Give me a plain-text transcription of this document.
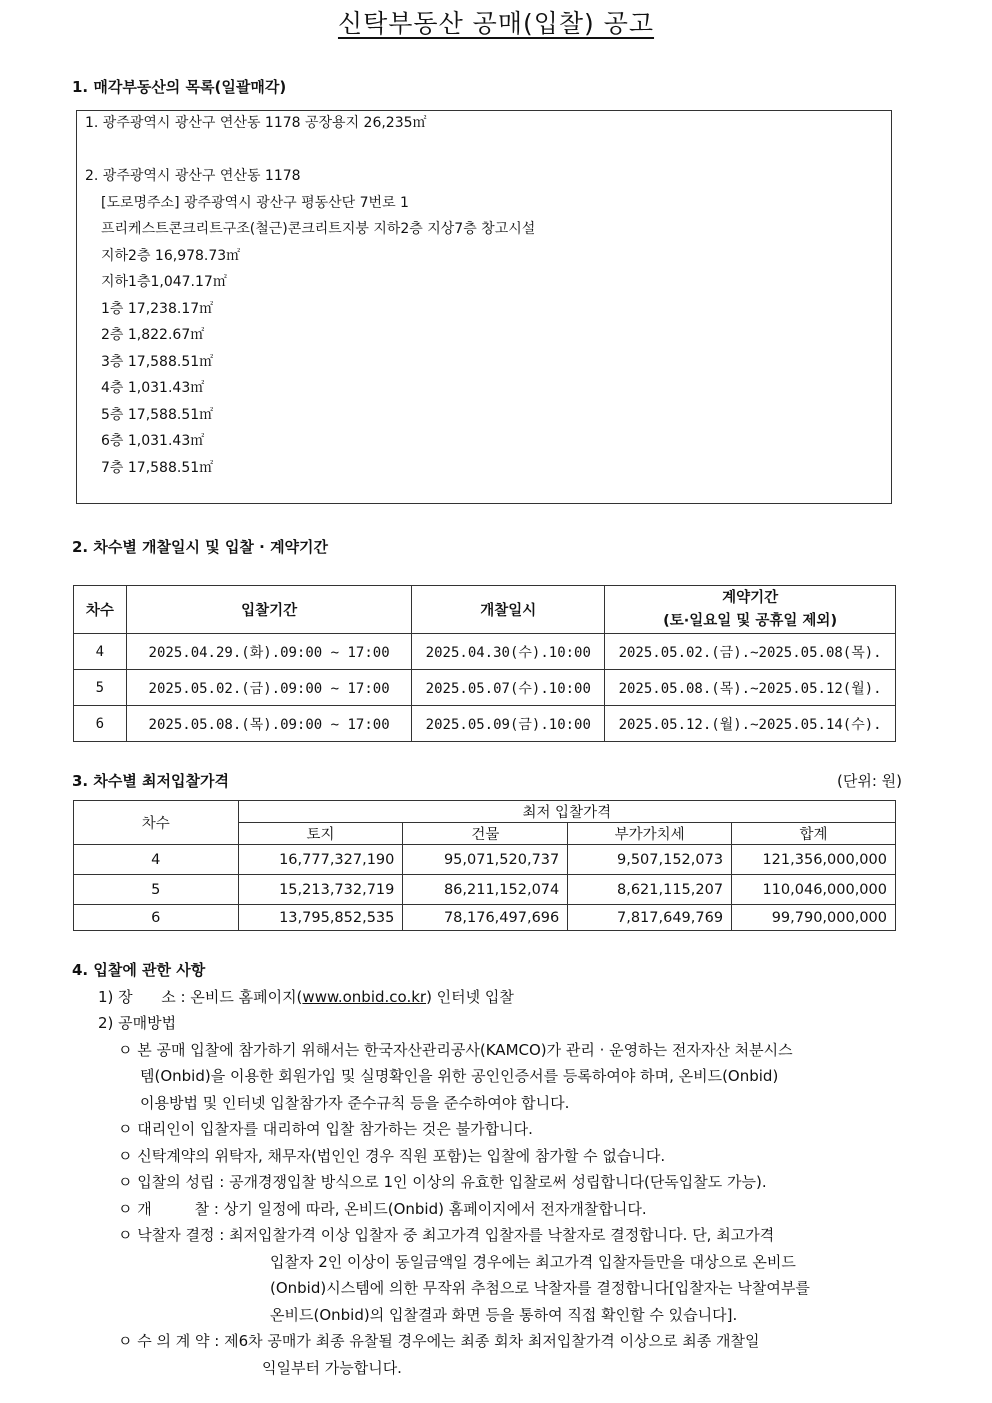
신탁부동산 공매(입찰) 공고
1. 매각부동산의 목록(일괄매각)
1. 광주광역시 광산구 연산동 1178 공장용지 26,235㎡
2. 광주광역시 광산구 연산동 1178
[도로명주소] 광주광역시 광산구 평동산단 7번로 1
프리케스트콘크리트구조(철근)콘크리트지붕 지하2층 지상7층 창고시설
지하2층 16,978.73㎡
지하1층1,047.17㎡
1층 17,238.17㎡
2층 1,822.67㎡
3층 17,588.51㎡
4층 1,031.43㎡
5층 17,588.51㎡
6층 1,031.43㎡
7층 17,588.51㎡
2. 차수별 개찰일시 및 입찰 · 계약기간
차수	입찰기간	개찰일시	계약기간
(토·일요일 및 공휴일 제외)

4	2025.04.29.(화).09:00 ~ 17:00	2025.04.30(수).10:00	2025.05.02.(금).~2025.05.08(목).
5	2025.05.02.(금).09:00 ~ 17:00	2025.05.07(수).10:00	2025.05.08.(목).~2025.05.12(월).
6	2025.05.08.(목).09:00 ~ 17:00	2025.05.09(금).10:00	2025.05.12.(월).~2025.05.14(수).
3. 차수별 최저입찰가격	(단위: 원)
차수	최저 입찰가격			
	토지	건물	부가가치세	합계
4	16,777,327,190	95,071,520,737	9,507,152,073	121,356,000,000
5	15,213,732,719	86,211,152,074	8,621,115,207	110,046,000,000
6	13,795,852,535	78,176,497,696	7,817,649,769	99,790,000,000
4. 입찰에 관한 사항
1) 장      소 : 온비드 홈페이지(www.onbid.co.kr) 인터넷 입찰
2) 공매방법
ㅇ 본 공매 입찰에 참가하기 위해서는 한국자산관리공사(KAMCO)가 관리 · 운영하는 전자자산 처분시스
템(Onbid)을 이용한 회원가입 및 실명확인을 위한 공인인증서를 등록하여야 하며, 온비드(Onbid)
이용방법 및 인터넷 입찰참가자 준수규칙 등을 준수하여야 합니다.
ㅇ 대리인이 입찰자를 대리하여 입찰 참가하는 것은 불가합니다.
ㅇ 신탁계약의 위탁자, 채무자(법인인 경우 직원 포함)는 입찰에 참가할 수 없습니다.
ㅇ 입찰의 성립 : 공개경쟁입찰 방식으로 1인 이상의 유효한 입찰로써 성립합니다(단독입찰도 가능).
ㅇ 개         찰 : 상기 일정에 따라, 온비드(Onbid) 홈페이지에서 전자개찰합니다.
ㅇ 낙찰자 결정 : 최저입찰가격 이상 입찰자 중 최고가격 입찰자를 낙찰자로 결정합니다. 단, 최고가격
입찰자 2인 이상이 동일금액일 경우에는 최고가격 입찰자들만을 대상으로 온비드
(Onbid)시스템에 의한 무작위 추첨으로 낙찰자를 결정합니다[입찰자는 낙찰여부를
온비드(Onbid)의 입찰결과 화면 등을 통하여 직접 확인할 수 있습니다].
ㅇ 수 의 계 약 : 제6차 공매가 최종 유찰될 경우에는 최종 회차 최저입찰가격 이상으로 최종 개찰일
익일부터 가능합니다.
